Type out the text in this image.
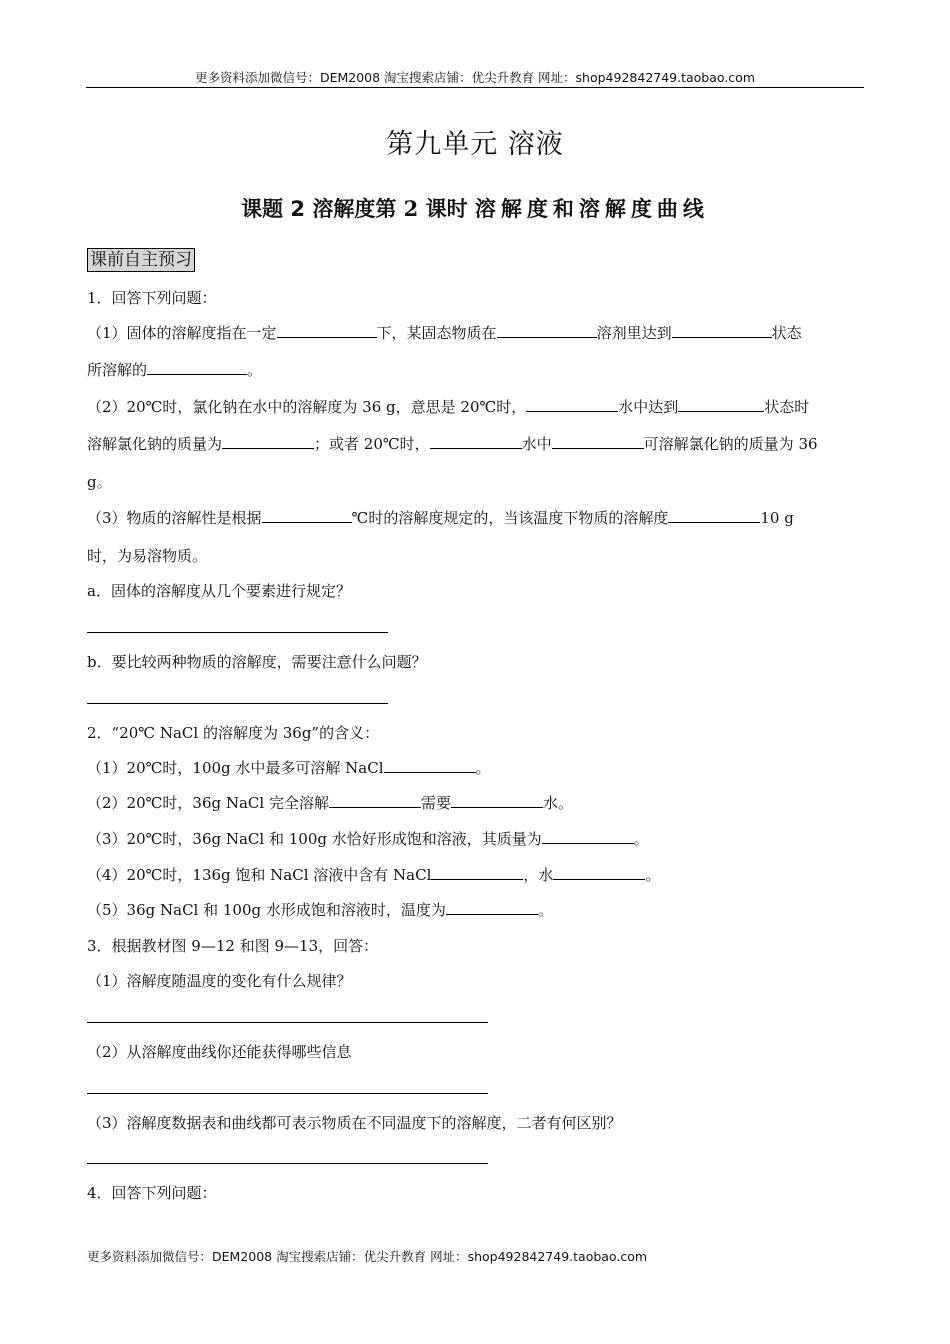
更多资料添加微信号：DEM2008 淘宝搜索店铺：优尖升教育 网址：shop492842749.taobao.com
第九单元 溶液
课题 2 溶解度第 2 课时 溶解度和溶解度曲线
课前自主预习
1．回答下列问题：
（1）固体的溶解度指在一定	下，某固态物质在	溶剂里达到	状态
所溶解的	。
（2）20℃时，氯化钠在水中的溶解度为 36 g，意思是 20℃时，	水中达到	状态时
溶解氯化钠的质量为	；或者 20℃时，	水中	可溶解氯化钠的质量为 36
g。
（3）物质的溶解性是根据	℃时的溶解度规定的，当该温度下物质的溶解度	10 g
时，为易溶物质。
a．固体的溶解度从几个要素进行规定？
b．要比较两种物质的溶解度，需要注意什么问题？
2．“20℃ NaCl 的溶解度为 36g”的含义：
（1）20℃时，100g 水中最多可溶解 NaCl	。
（2）20℃时，36g NaCl 完全溶解	需要	水。
（3）20℃时，36g NaCl 和 100g 水恰好形成饱和溶液，其质量为	。
（4）20℃时，136g 饱和 NaCl 溶液中含有 NaCl	，水	。
（5）36g NaCl 和 100g 水形成饱和溶液时，温度为	。
3．根据教材图 9—12 和图 9—13，回答：
（1）溶解度随温度的变化有什么规律？
（2）从溶解度曲线你还能获得哪些信息
（3）溶解度数据表和曲线都可表示物质在不同温度下的溶解度，二者有何区别？
4．回答下列问题：
更多资料添加微信号：DEM2008 淘宝搜索店铺：优尖升教育 网址：shop492842749.taobao.com
